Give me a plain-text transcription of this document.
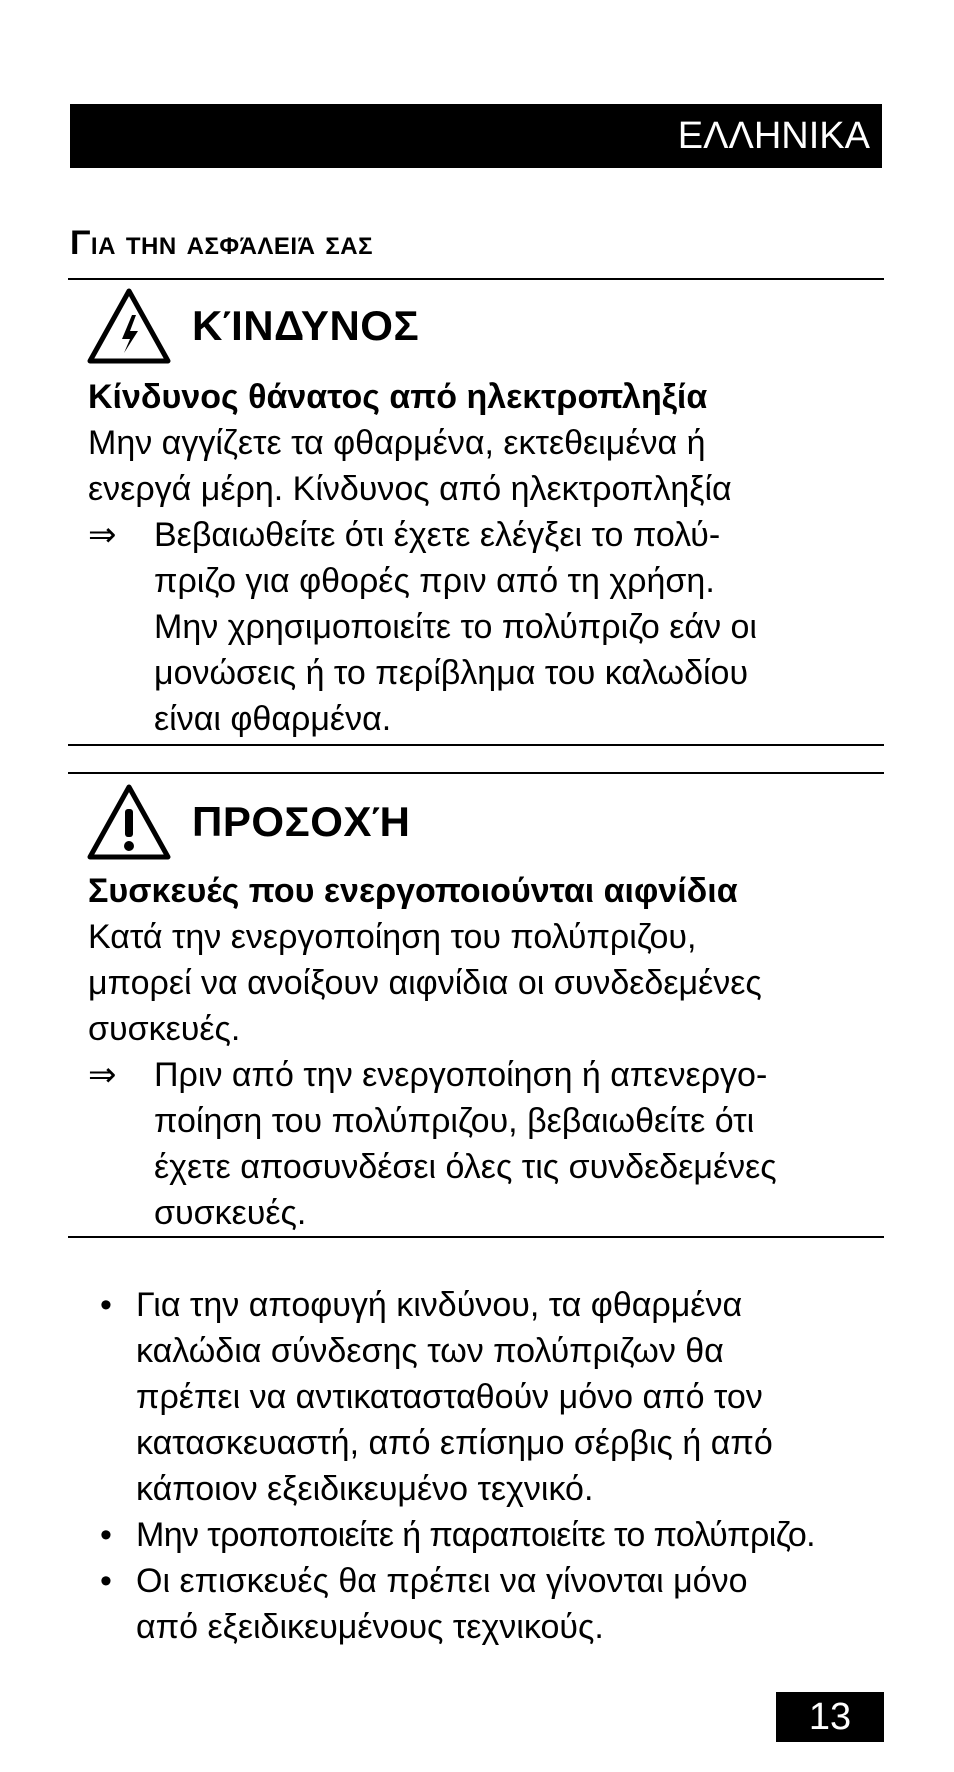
ΕΛΛΗΝΙΚΑ
Για την ασφάλειά σας
ΚΊΝΔΥΝΟΣ
Κίνδυνος θάνατος από ηλεκτροπληξία
Μην αγγίζετε τα φθαρμένα, εκτεθειμένα ή
ενεργά μέρη. Κίνδυνος από ηλεκτροπληξία
⇒ Βεβαιωθείτε ότι έχετε ελέγξει το πολύ-
πριζο για φθορές πριν από τη χρήση.
Μην χρησιμοποιείτε το πολύπριζο εάν οι
μονώσεις ή το περίβλημα του καλωδίου
είναι φθαρμένα.
ΠΡΟΣΟΧΉ
Συσκευές που ενεργοποιούνται αιφνίδια
Κατά την ενεργοποίηση του πολύπριζου,
μπορεί να ανοίξουν αιφνίδια οι συνδεδεμένες
συσκευές.
⇒ Πριν από την ενεργοποίηση ή απενεργο-
ποίηση του πολύπριζου, βεβαιωθείτε ότι
έχετε αποσυνδέσει όλες τις συνδεδεμένες
συσκευές.
• Για την αποφυγή κινδύνου, τα φθαρμένα
καλώδια σύνδεσης των πολύπριζων θα
πρέπει να αντικατασταθούν μόνο από τον
κατασκευαστή, από επίσημο σέρβις ή από
κάποιον εξειδικευμένο τεχνικό.
• Μην τροποποιείτε ή παραποιείτε το πολύπριζο.
• Οι επισκευές θα πρέπει να γίνονται μόνο
από εξειδικευμένους τεχνικούς.
13
